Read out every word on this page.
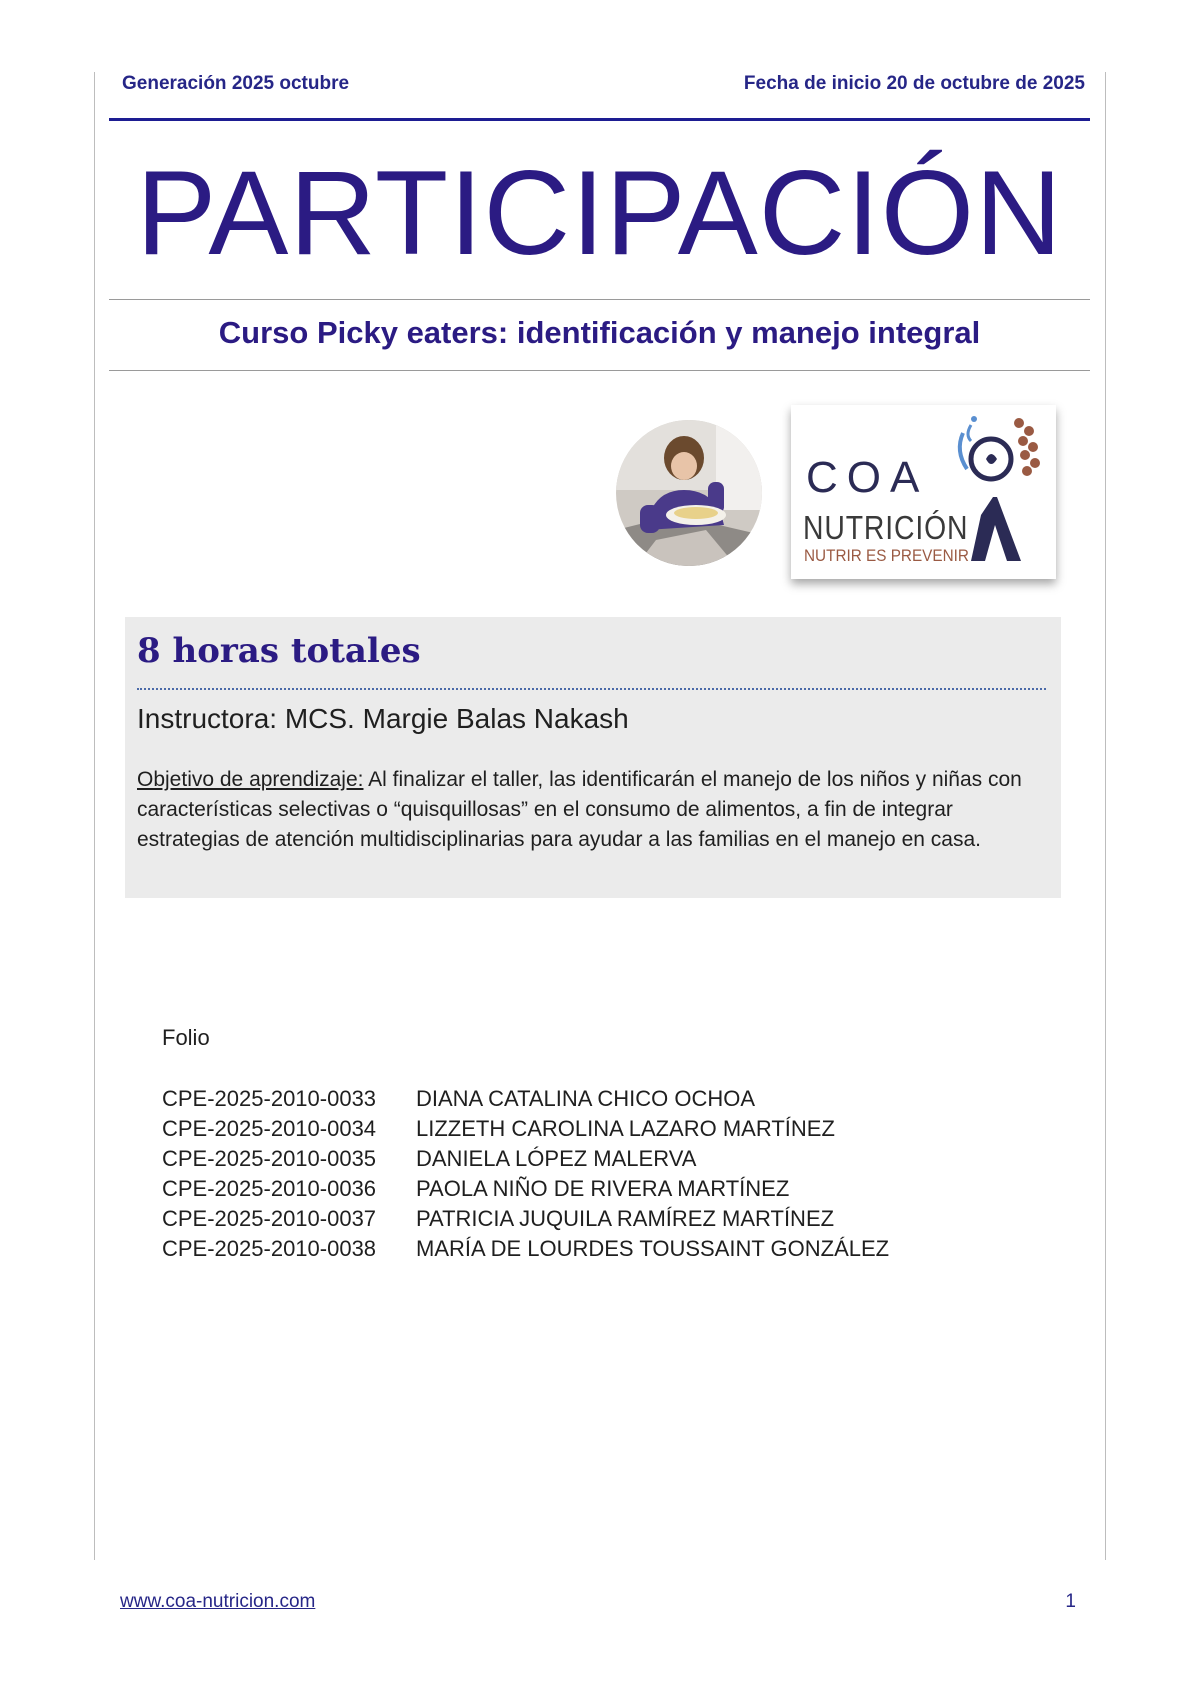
Generación 2025 octubre	Fecha de inicio 20 de octubre de 2025
PARTICIPACIÓN
Curso Picky eaters: identificación y manejo integral
COA
NUTRICIÓN
NUTRIR ES PREVENIR
8 horas totales
Instructora: MCS. Margie Balas Nakash
Objetivo de aprendizaje: Al finalizar el taller, las identificarán el manejo de los niños y niñas con características selectivas o “quisquillosas” en el consumo de alimentos, a fin de integrar estrategias de atención multidisciplinarias para ayudar a las familias en el manejo en casa.
Folio
CPE-2025-2010-0033	DIANA CATALINA CHICO OCHOA
CPE-2025-2010-0034	LIZZETH CAROLINA LAZARO MARTÍNEZ
CPE-2025-2010-0035	DANIELA LÓPEZ MALERVA
CPE-2025-2010-0036	PAOLA NIÑO DE RIVERA MARTÍNEZ
CPE-2025-2010-0037	PATRICIA JUQUILA RAMÍREZ MARTÍNEZ
CPE-2025-2010-0038	MARÍA DE LOURDES TOUSSAINT GONZÁLEZ
www.coa-nutricion.com	1
